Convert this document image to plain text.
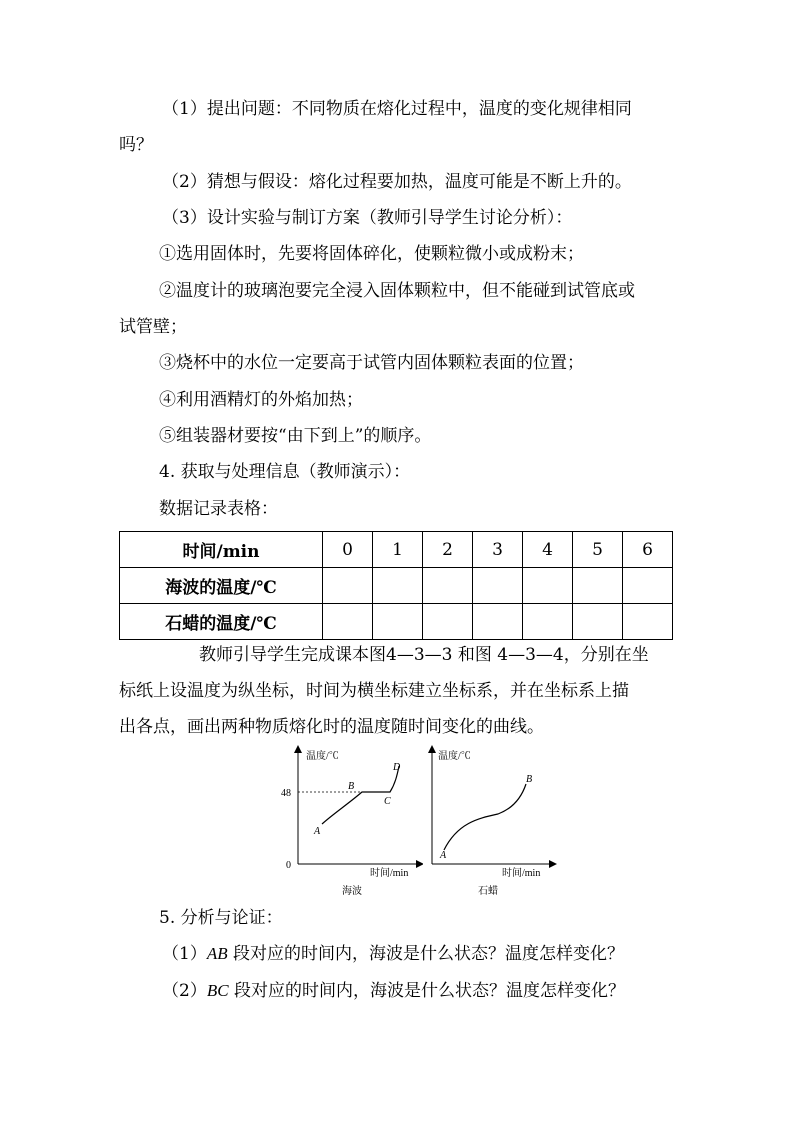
（1）提出问题：不同物质在熔化过程中，温度的变化规律相同
吗？
（2）猜想与假设：熔化过程要加热，温度可能是不断上升的。
（3）设计实验与制订方案（教师引导学生讨论分析）：
①选用固体时，先要将固体碎化，使颗粒微小或成粉末；
②温度计的玻璃泡要完全浸入固体颗粒中，但不能碰到试管底或
试管壁；
③烧杯中的水位一定要高于试管内固体颗粒表面的位置；
④利用酒精灯的外焰加热；
⑤组装器材要按“由下到上”的顺序。
4. 获取与处理信息（教师演示）：
数据记录表格：
时间/min	0	1	2	3	4	5	6
海波的温度/℃							
石蜡的温度/℃							
教师引导学生完成课本图4—3—3 和图 4—3—4，分别在坐
标纸上设温度为纵坐标，时间为横坐标建立坐标系，并在坐标系上描
出各点，画出两种物质熔化时的温度随时间变化的曲线。
温度/℃
时间/min
0
48
A
B
C
D
海波
温度/℃
时间/min
A
B
石蜡
5. 分析与论证：
（1）AB 段对应的时间内，海波是什么状态？温度怎样变化？
（2）BC 段对应的时间内，海波是什么状态？温度怎样变化？
